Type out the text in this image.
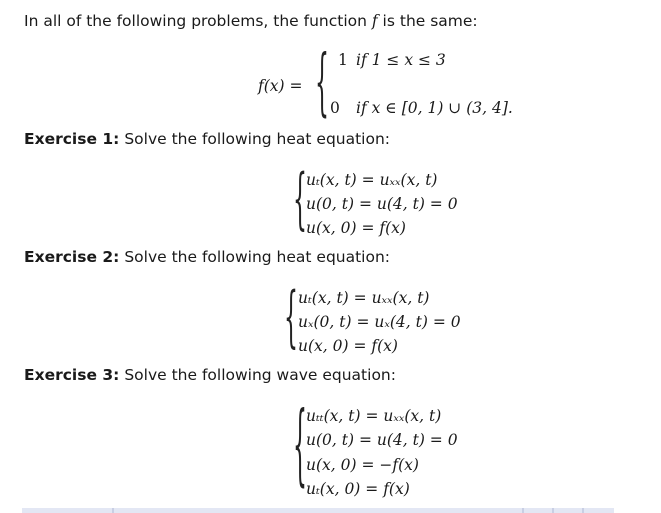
In all of the following problems, the function f is the same:
f(x) = { 1 if 1 ≤ x ≤ 3
0 if x ∈ [0, 1) ∪ (3, 4].
Exercise 1: Solve the following heat equation:
{ uₜ(x, t) = uₓₓ(x, t)
u(0, t) = u(4, t) = 0
u(x, 0) = f(x)
Exercise 2: Solve the following heat equation:
{ uₜ(x, t) = uₓₓ(x, t)
uₓ(0, t) = uₓ(4, t) = 0
u(x, 0) = f(x)
Exercise 3: Solve the following wave equation:
{ uₜₜ(x, t) = uₓₓ(x, t)
u(0, t) = u(4, t) = 0
u(x, 0) = −f(x)
uₜ(x, 0) = f(x)
